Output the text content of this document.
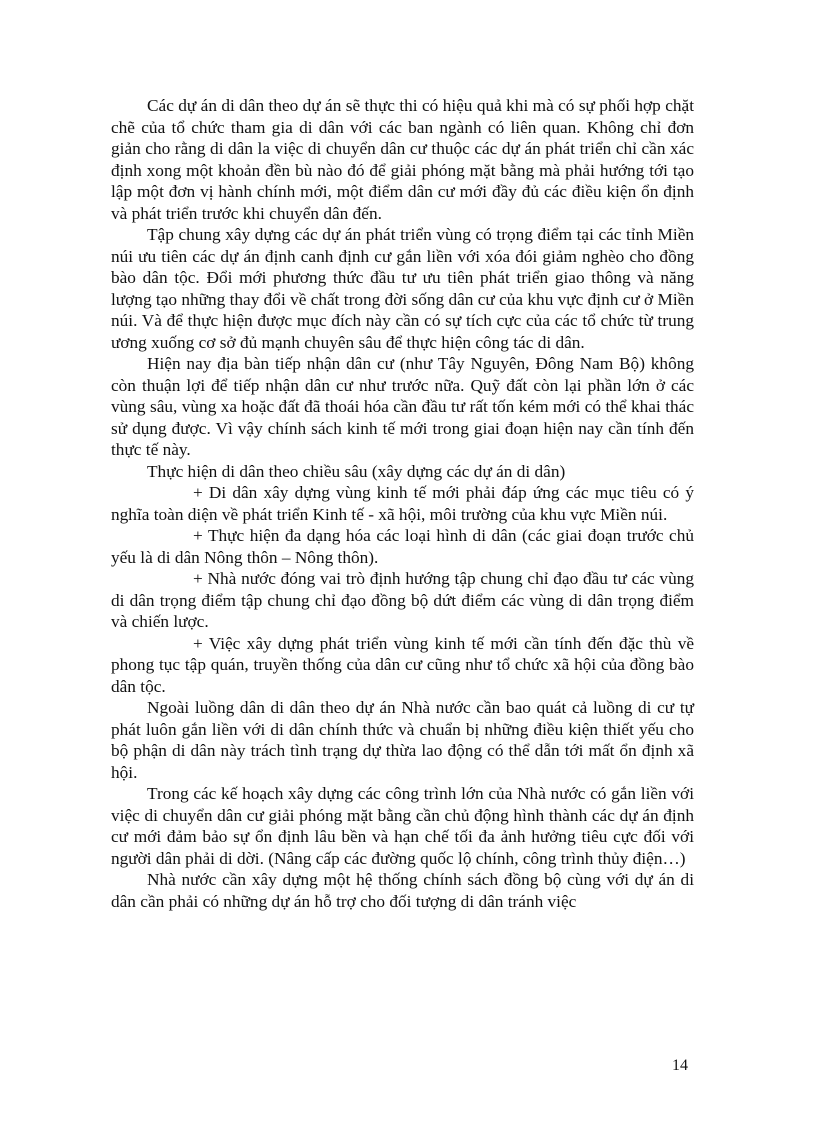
Các dự án di dân theo dự án sẽ thực thi có hiệu quả khi mà có sự phối hợp chặt chẽ của tổ chức tham gia di dân với các ban ngành có liên quan. Không chỉ đơn giản cho rằng di dân la việc di chuyển dân cư thuộc các dự án phát triển chỉ cần xác định xong một khoản đền bù nào đó để giải phóng mặt bằng mà phải hướng tới tạo lập một đơn vị hành chính mới, một điểm dân cư mới đầy đủ các điều kiện ổn định và phát triển trước khi chuyển dân đến.

Tập chung xây dựng các dự án phát triển vùng có trọng điểm tại các tỉnh Miền núi ưu tiên các dự án định canh định cư gắn liền với xóa đói giảm nghèo cho đồng bào dân tộc. Đổi mới phương thức đầu tư ưu tiên phát triển giao thông và năng lượng tạo những thay đổi về chất trong đời sống dân cư của khu vực định cư ở Miền núi. Và để thực hiện được mục đích này cần có sự tích cực của các tổ chức từ trung ương xuống cơ sở đủ mạnh chuyên sâu để thực hiện công tác di dân.

Hiện nay địa bàn tiếp nhận dân cư (như Tây Nguyên, Đông Nam Bộ) không còn thuận lợi để tiếp nhận dân cư như trước nữa. Quỹ đất còn lại phần lớn ở các vùng sâu, vùng xa hoặc đất đã thoái hóa cần đầu tư rất tốn kém mới có thể khai thác sử dụng được. Vì vậy chính sách kinh tế mới trong giai đoạn hiện nay cần tính đến thực tế này.

Thực hiện di dân theo chiều sâu (xây dựng các dự án di dân)

+ Di dân xây dựng vùng kinh tế mới phải đáp ứng các mục tiêu có ý nghĩa toàn diện về phát triển Kinh tế - xã hội, môi trường của khu vực Miền núi.

+ Thực hiện đa dạng hóa các loại hình di dân (các giai đoạn trước chủ yếu là di dân Nông thôn – Nông thôn).

+ Nhà nước đóng vai trò định hướng tập chung chỉ đạo đầu tư các vùng di dân trọng điểm tập chung chỉ đạo đồng bộ dứt điểm các vùng di dân trọng điểm và chiến lược.

+ Việc xây dựng phát triển vùng kinh tế mới cần tính đến đặc thù về phong tục tập quán, truyền thống của dân cư cũng như tổ chức xã hội của đồng bào dân tộc.

Ngoài luồng dân di dân theo dự án Nhà nước cần bao quát cả luồng di cư tự phát luôn gắn liền với di dân chính thức và chuẩn bị những điều kiện thiết yếu cho bộ phận di dân này trách tình trạng dự thừa lao động có thể dẫn tới mất ổn định xã hội.

Trong các kế hoạch xây dựng các công trình lớn của Nhà nước có gắn liền với việc di chuyển dân cư giải phóng mặt bằng cần chủ động hình thành các dự án định cư mới đảm bảo sự ổn định lâu bền và hạn chế tối đa ảnh hưởng tiêu cực đối với người dân phải di dời. (Nâng cấp các đường quốc lộ chính, công trình thủy điện…)

Nhà nước cần xây dựng một hệ thống chính sách đồng bộ cùng với dự án di dân cần phải có những dự án hỗ trợ cho đối tượng di dân tránh việc

14
